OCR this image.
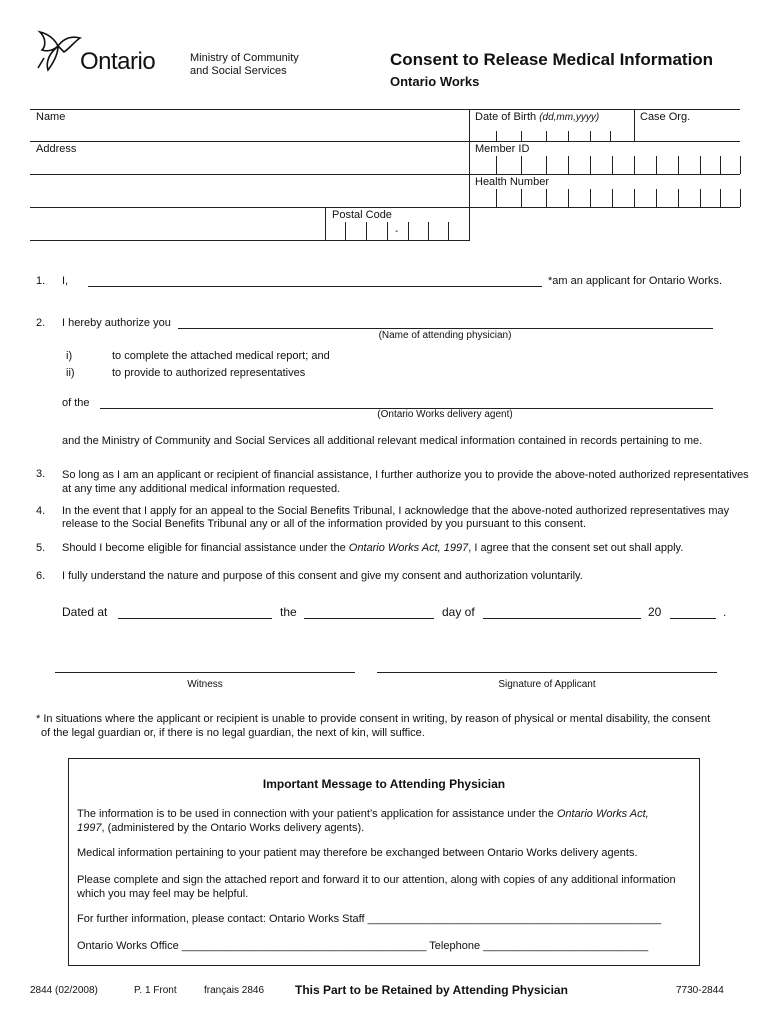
Ontario	Ministry of Community
and Social Services
Consent to Release Medical Information
Ontario Works
Name	Date of Birth (dd,mm,yyyy)	Case Org.
Address	Member ID
Health Number
Postal Code
-
1. I,	*am an applicant for Ontario Works.
2. I hereby authorize you
(Name of attending physician)
i)	to complete the attached medical report; and
ii)	to provide to authorized representatives
of the
(Ontario Works delivery agent)
and the Ministry of Community and Social Services all additional relevant medical information contained in records pertaining to me.
3. So long as I am an applicant or recipient of financial assistance, I further authorize you to provide the above-noted authorized representatives
at any time any additional medical information requested.
4. In the event that I apply for an appeal to the Social Benefits Tribunal, I acknowledge that the above-noted authorized representatives may
release to the Social Benefits Tribunal any or all of the information provided by you pursuant to this consent.
5. Should I become eligible for financial assistance under the Ontario Works Act, 1997, I agree that the consent set out shall apply.
6. I fully understand the nature and purpose of this consent and give my consent and authorization voluntarily.
Dated at	the	day of	20	.
Witness	Signature of Applicant
* In situations where the applicant or recipient is unable to provide consent in writing, by reason of physical or mental disability, the consent
of the legal guardian or, if there is no legal guardian, the next of kin, will suffice.
Important Message to Attending Physician
The information is to be used in connection with your patient’s application for assistance under the Ontario Works Act,
1997, (administered by the Ontario Works delivery agents).
Medical information pertaining to your patient may therefore be exchanged between Ontario Works delivery agents.
Please complete and sign the attached report and forward it to our attention, along with copies of any additional information
which you may feel may be helpful.
For further information, please contact: Ontario Works Staff ________________________________________________
Ontario Works Office ________________________________________ Telephone ___________________________
2844 (02/2008)	P. 1 Front	français 2846	This Part to be Retained by Attending Physician	7730-2844
